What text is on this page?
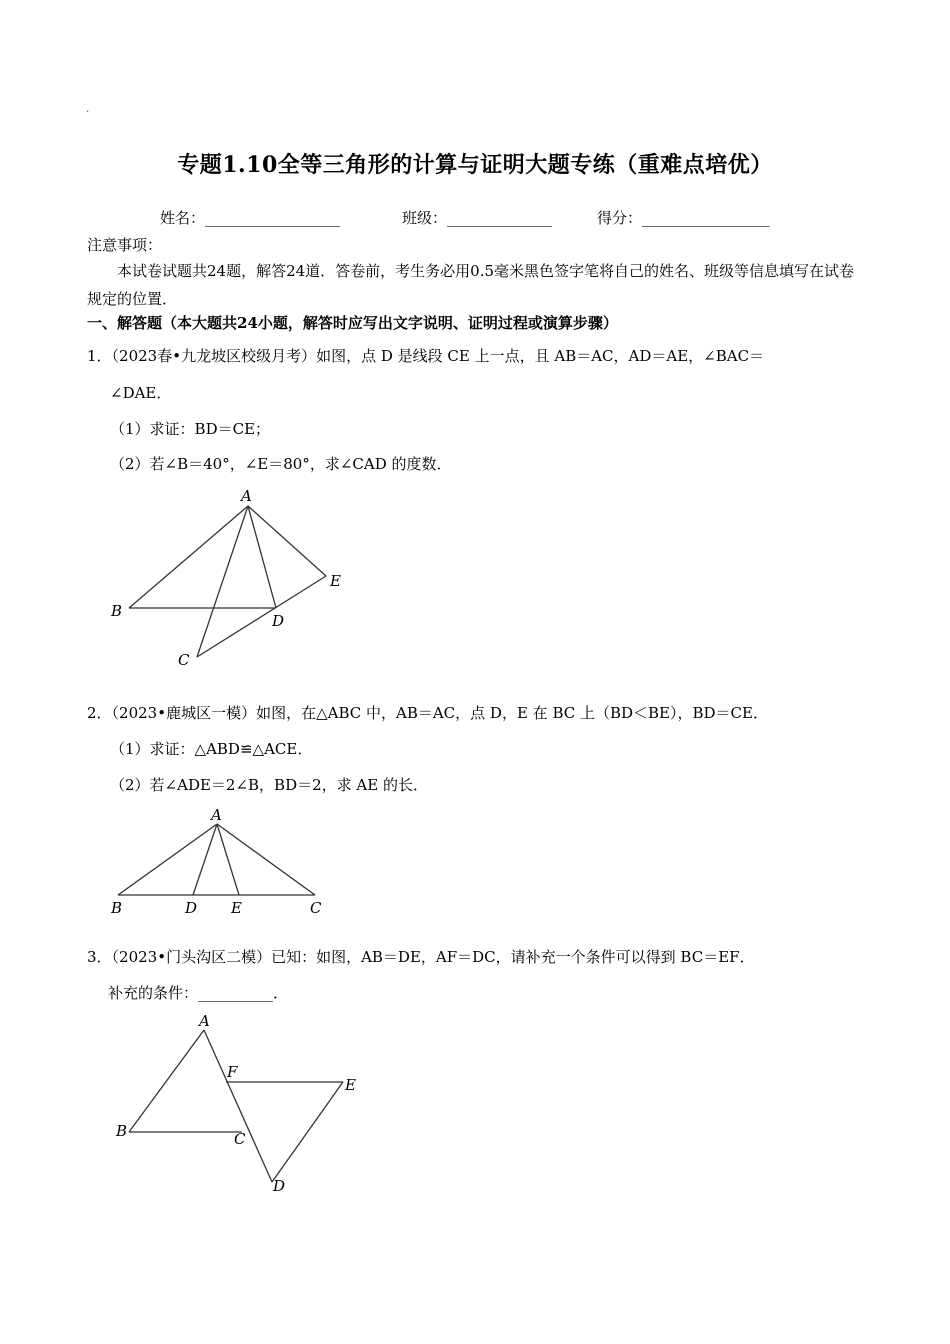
․
专题1.10全等三角形的计算与证明大题专练（重难点培优）
姓名：__________________	班级：______________	得分：_________________
注意事项：
本试卷试题共24题，解答24道．答卷前，考生务必用0.5毫米黑色签字笔将自己的姓名、班级等信息填写在试卷规定的位置．
一、解答题（本大题共24小题，解答时应写出文字说明、证明过程或演算步骤）
1．（2023春•九龙坡区校级月考）如图，点 D 是线段 CE 上一点，且 AB＝AC，AD＝AE，∠BAC＝
∠DAE．
（1）求证：BD＝CE；
（2）若∠B＝40°，∠E＝80°，求∠CAD 的度数．
A
B
C
D
E
2．（2023•鹿城区一模）如图，在△ABC 中，AB＝AC，点 D，E 在 BC 上（BD＜BE），BD＝CE．
（1）求证：△ABD≌△ACE．
（2）若∠ADE＝2∠B，BD＝2，求 AE 的长．
A
B	D E	C
3．（2023•门头沟区二模）已知：如图，AB＝DE，AF＝DC，请补充一个条件可以得到 BC＝EF．
补充的条件：__________．
A
F
E
B	C
D
